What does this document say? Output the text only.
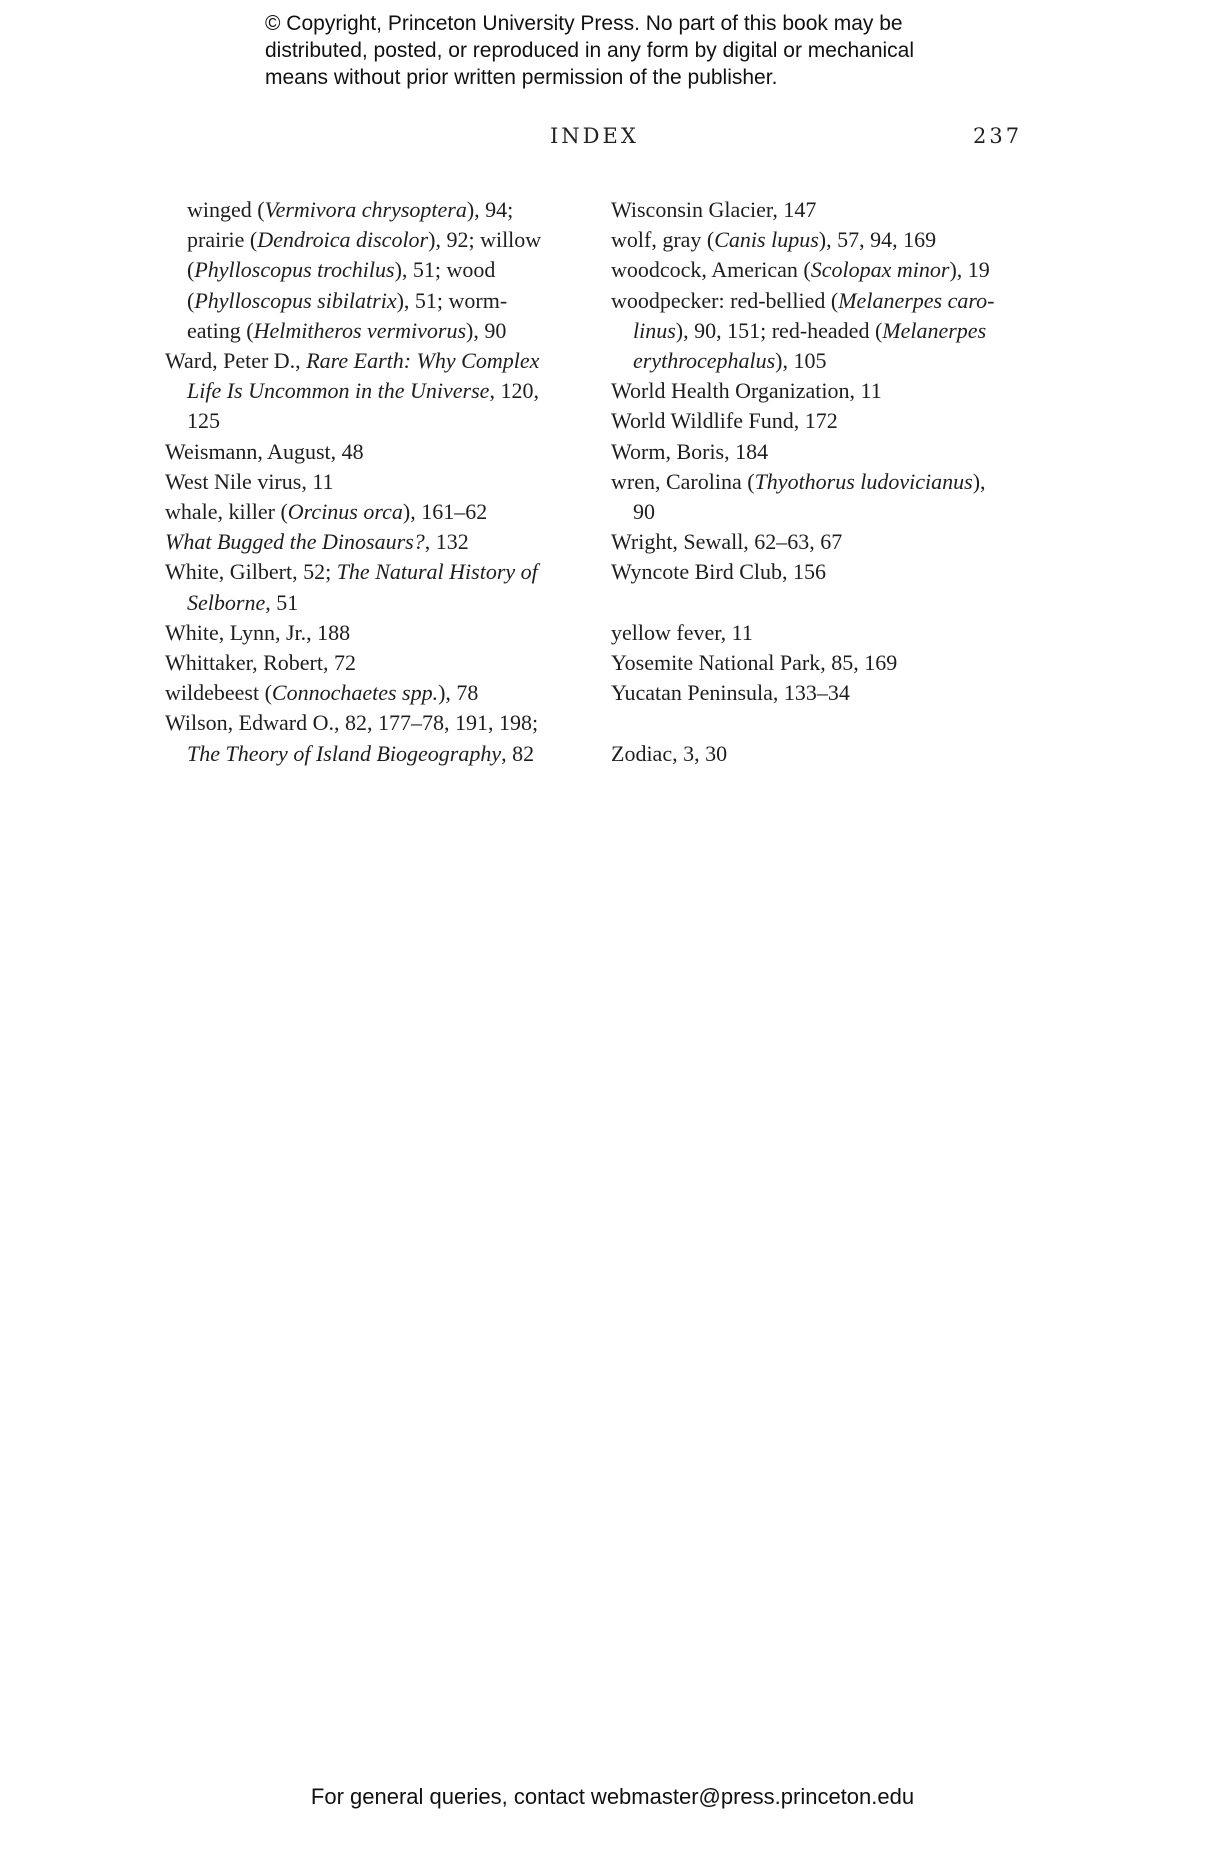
© Copyright, Princeton University Press. No part of this book may be
distributed, posted, or reproduced in any form by digital or mechanical
means without prior written permission of the publisher.
INDEX	237
winged (Vermivora chrysoptera), 94;
prairie (Dendroica discolor), 92; willow
(Phylloscopus trochilus), 51; wood
(Phylloscopus sibilatrix), 51; worm-
eating (Helmitheros vermivorus), 90
Ward, Peter D., Rare Earth: Why Complex
Life Is Uncommon in the Universe, 120,
125
Weismann, August, 48
West Nile virus, 11
whale, killer (Orcinus orca), 161–62
What Bugged the Dinosaurs?, 132
White, Gilbert, 52; The Natural History of
Selborne, 51
White, Lynn, Jr., 188
Whittaker, Robert, 72
wildebeest (Connochaetes spp.), 78
Wilson, Edward O., 82, 177–78, 191, 198;
The Theory of Island Biogeography, 82
Wisconsin Glacier, 147
wolf, gray (Canis lupus), 57, 94, 169
woodcock, American (Scolopax minor), 19
woodpecker: red-bellied (Melanerpes caro-
linus), 90, 151; red-headed (Melanerpes
erythrocephalus), 105
World Health Organization, 11
World Wildlife Fund, 172
Worm, Boris, 184
wren, Carolina (Thyothorus ludovicianus),
90
Wright, Sewall, 62–63, 67
Wyncote Bird Club, 156
yellow fever, 11
Yosemite National Park, 85, 169
Yucatan Peninsula, 133–34
Zodiac, 3, 30
For general queries, contact webmaster@press.princeton.edu
